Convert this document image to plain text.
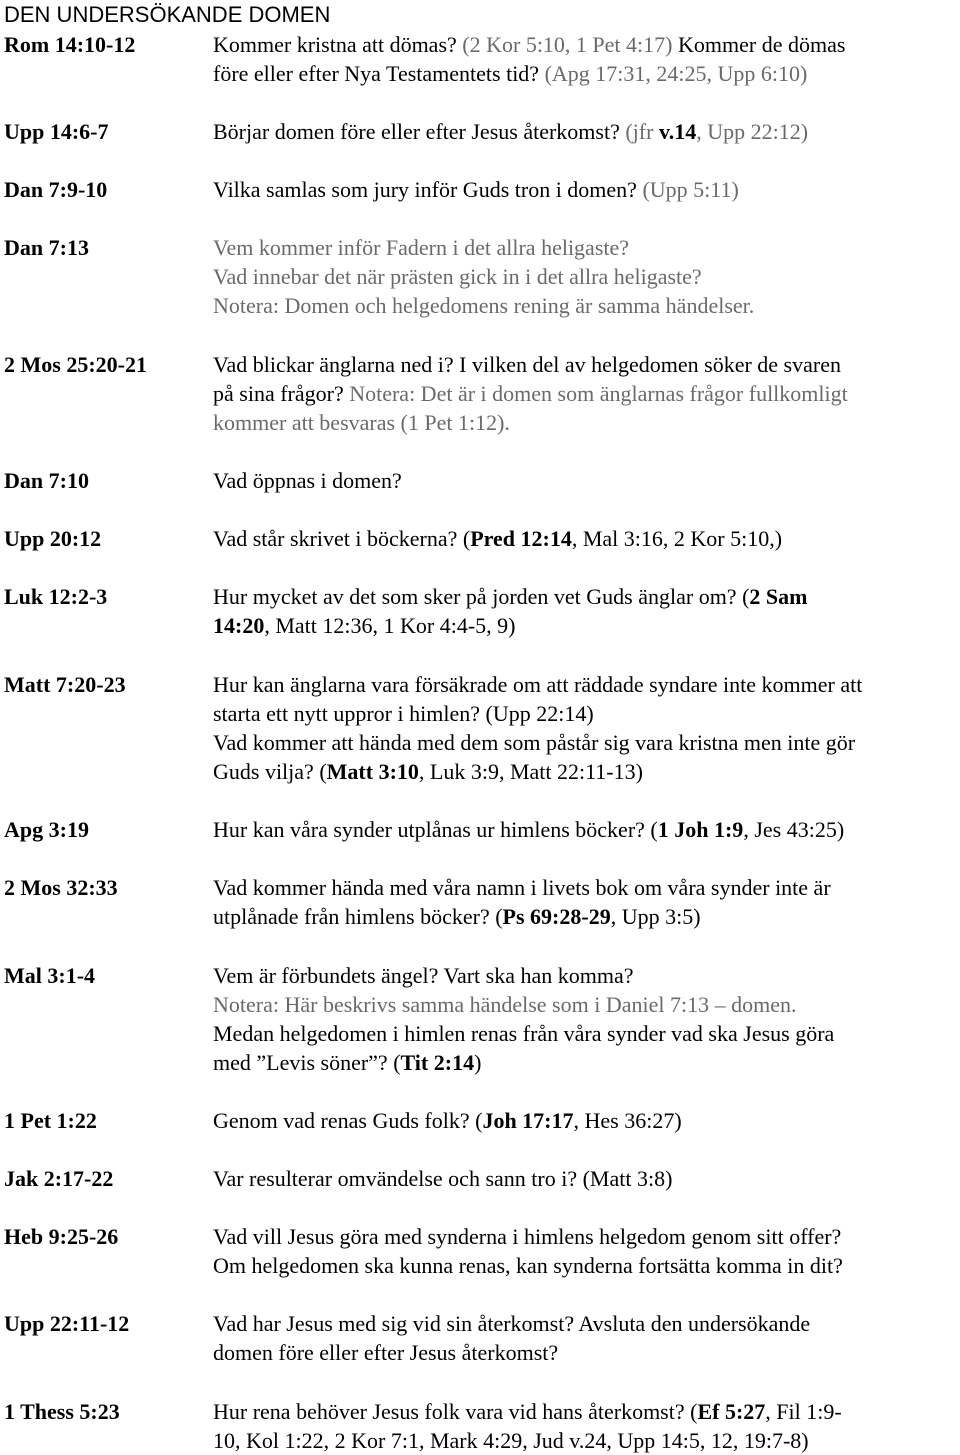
DEN UNDERSÖKANDE DOMEN
Rom 14:10-12	Kommer kristna att dömas? (2 Kor 5:10, 1 Pet 4:17) Kommer de dömas
före eller efter Nya Testamentets tid? (Apg 17:31, 24:25, Upp 6:10)
Upp 14:6-7	Börjar domen före eller efter Jesus återkomst? (jfr v.14, Upp 22:12)
Dan 7:9-10	Vilka samlas som jury inför Guds tron i domen? (Upp 5:11)
Dan 7:13	Vem kommer inför Fadern i det allra heligaste?
Vad innebar det när prästen gick in i det allra heligaste?
Notera: Domen och helgedomens rening är samma händelser.
2 Mos 25:20-21	Vad blickar änglarna ned i? I vilken del av helgedomen söker de svaren
på sina frågor? Notera: Det är i domen som änglarnas frågor fullkomligt
kommer att besvaras (1 Pet 1:12).
Dan 7:10	Vad öppnas i domen?
Upp 20:12	Vad står skrivet i böckerna? (Pred 12:14, Mal 3:16, 2 Kor 5:10,)
Luk 12:2-3	Hur mycket av det som sker på jorden vet Guds änglar om? (2 Sam
14:20, Matt 12:36, 1 Kor 4:4-5, 9)
Matt 7:20-23	Hur kan änglarna vara försäkrade om att räddade syndare inte kommer att
starta ett nytt uppror i himlen? (Upp 22:14)
Vad kommer att hända med dem som påstår sig vara kristna men inte gör
Guds vilja? (Matt 3:10, Luk 3:9, Matt 22:11-13)
Apg 3:19	Hur kan våra synder utplånas ur himlens böcker? (1 Joh 1:9, Jes 43:25)
2 Mos 32:33	Vad kommer hända med våra namn i livets bok om våra synder inte är
utplånade från himlens böcker? (Ps 69:28-29, Upp 3:5)
Mal 3:1-4	Vem är förbundets ängel? Vart ska han komma?
Notera: Här beskrivs samma händelse som i Daniel 7:13 – domen.
Medan helgedomen i himlen renas från våra synder vad ska Jesus göra
med ”Levis söner”? (Tit 2:14)
1 Pet 1:22	Genom vad renas Guds folk? (Joh 17:17, Hes 36:27)
Jak 2:17-22	Var resulterar omvändelse och sann tro i? (Matt 3:8)
Heb 9:25-26	Vad vill Jesus göra med synderna i himlens helgedom genom sitt offer?
Om helgedomen ska kunna renas, kan synderna fortsätta komma in dit?
Upp 22:11-12	Vad har Jesus med sig vid sin återkomst? Avsluta den undersökande
domen före eller efter Jesus återkomst?
1 Thess 5:23	Hur rena behöver Jesus folk vara vid hans återkomst? (Ef 5:27, Fil 1:9-
10, Kol 1:22, 2 Kor 7:1, Mark 4:29, Jud v.24, Upp 14:5, 12, 19:7-8)
